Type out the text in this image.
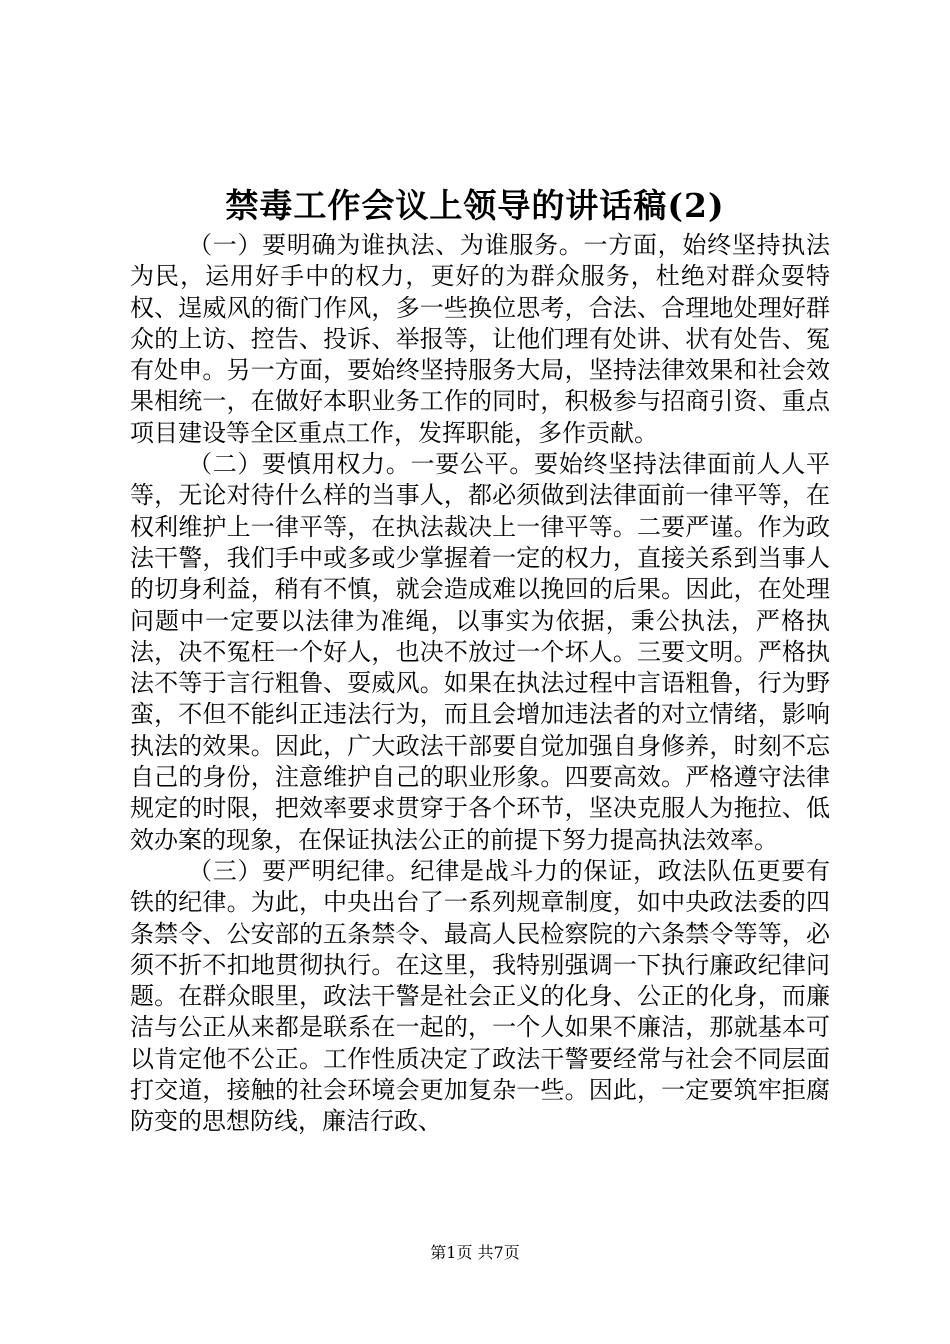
禁毒工作会议上领导的讲话稿(2)

（一）要明确为谁执法、为谁服务。一方面，始终坚持执法为民，运用好手中的权力，更好的为群众服务，杜绝对群众耍特权、逞威风的衙门作风，多一些换位思考，合法、合理地处理好群众的上访、控告、投诉、举报等，让他们理有处讲、状有处告、冤有处申。另一方面，要始终坚持服务大局，坚持法律效果和社会效果相统一，在做好本职业务工作的同时，积极参与招商引资、重点项目建设等全区重点工作，发挥职能，多作贡献。

（二）要慎用权力。一要公平。要始终坚持法律面前人人平等，无论对待什么样的当事人，都必须做到法律面前一律平等，在权利维护上一律平等，在执法裁决上一律平等。二要严谨。作为政法干警，我们手中或多或少掌握着一定的权力，直接关系到当事人的切身利益，稍有不慎，就会造成难以挽回的后果。因此，在处理问题中一定要以法律为准绳，以事实为依据，秉公执法，严格执法，决不冤枉一个好人，也决不放过一个坏人。三要文明。严格执法不等于言行粗鲁、耍威风。如果在执法过程中言语粗鲁，行为野蛮，不但不能纠正违法行为，而且会增加违法者的对立情绪，影响执法的效果。因此，广大政法干部要自觉加强自身修养，时刻不忘自己的身份，注意维护自己的职业形象。四要高效。严格遵守法律规定的时限，把效率要求贯穿于各个环节，坚决克服人为拖拉、低效办案的现象，在保证执法公正的前提下努力提高执法效率。

（三）要严明纪律。纪律是战斗力的保证，政法队伍更要有铁的纪律。为此，中央出台了一系列规章制度，如中央政法委的四条禁令、公安部的五条禁令、最高人民检察院的六条禁令等等，必须不折不扣地贯彻执行。在这里，我特别强调一下执行廉政纪律问题。在群众眼里，政法干警是社会正义的化身、公正的化身，而廉洁与公正从来都是联系在一起的，一个人如果不廉洁，那就基本可以肯定他不公正。工作性质决定了政法干警要经常与社会不同层面打交道，接触的社会环境会更加复杂一些。因此，一定要筑牢拒腐防变的思想防线，廉洁行政、

第1页 共7页
